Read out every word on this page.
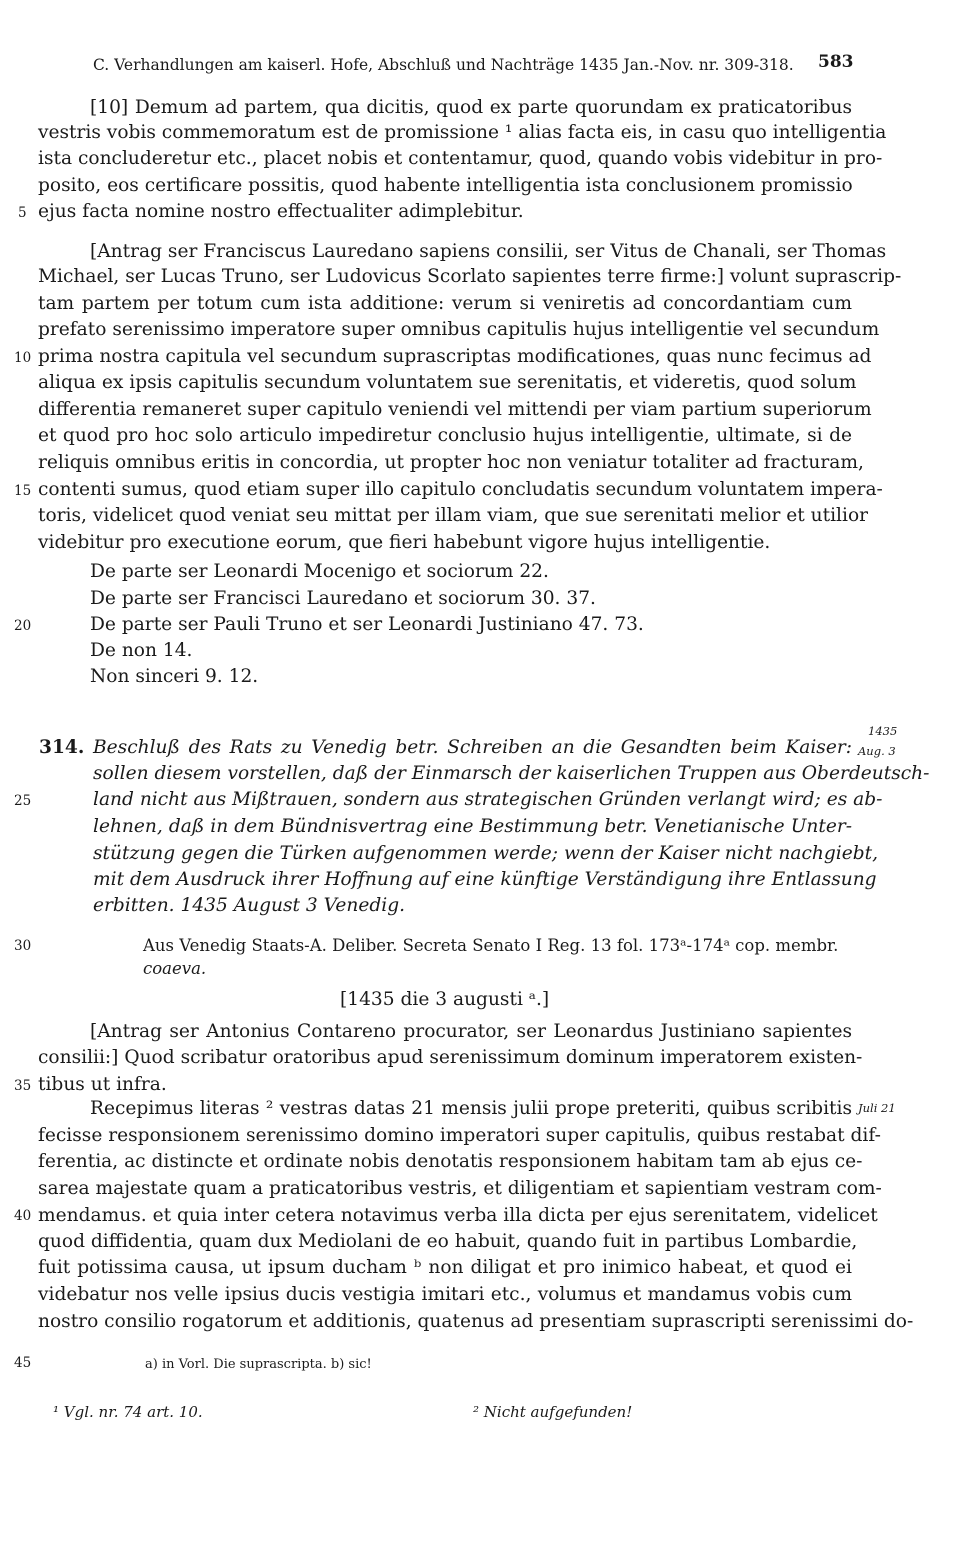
C. Verhandlungen am kaiserl. Hofe, Abschluß und Nachträge 1435 Jan.-Nov. nr. 309-318.	583
[10] Demum ad partem, qua dicitis, quod ex parte quorundam ex praticatoribus
vestris vobis commemoratum est de promissione ¹ alias facta eis, in casu quo intelligentia
ista concluderetur etc., placet nobis et contentamur, quod, quando vobis videbitur in pro-
posito, eos certificare possitis, quod habente intelligentia ista conclusionem promissio
ejus facta nomine nostro effectualiter adimplebitur.
[Antrag ser Franciscus Lauredano sapiens consilii, ser Vitus de Chanali, ser Thomas
Michael, ser Lucas Truno, ser Ludovicus Scorlato sapientes terre firme:] volunt suprascrip-
tam partem per totum cum ista additione: verum si veniretis ad concordantiam cum
prefato serenissimo imperatore super omnibus capitulis hujus intelligentie vel secundum
prima nostra capitula vel secundum suprascriptas modificationes, quas nunc fecimus ad
aliqua ex ipsis capitulis secundum voluntatem sue serenitatis, et videretis, quod solum
differentia remaneret super capitulo veniendi vel mittendi per viam partium superiorum
et quod pro hoc solo articulo impediretur conclusio hujus intelligentie, ultimate, si de
reliquis omnibus eritis in concordia, ut propter hoc non veniatur totaliter ad fracturam,
contenti sumus, quod etiam super illo capitulo concludatis secundum voluntatem impera-
toris, videlicet quod veniat seu mittat per illam viam, que sue serenitati melior et utilior
videbitur pro executione eorum, que fieri habebunt vigore hujus intelligentie.
De parte ser Leonardi Mocenigo et sociorum 22.
De parte ser Francisci Lauredano et sociorum 30. 37.
De parte ser Pauli Truno et ser Leonardi Justiniano 47. 73.
De non 14.
Non sinceri 9. 12.
314. Beschluß des Rats zu Venedig betr. Schreiben an die Gesandten beim Kaiser:
sollen diesem vorstellen, daß der Einmarsch der kaiserlichen Truppen aus Oberdeutsch-
land nicht aus Mißtrauen, sondern aus strategischen Gründen verlangt wird; es ab-
lehnen, daß in dem Bündnisvertrag eine Bestimmung betr. Venetianische Unter-
stützung gegen die Türken aufgenommen werde; wenn der Kaiser nicht nachgiebt,
mit dem Ausdruck ihrer Hoffnung auf eine künftige Verständigung ihre Entlassung
erbitten. 1435 August 3 Venedig.
1435
Aug. 3
Aus Venedig Staats-A. Deliber. Secreta Senato I Reg. 13 fol. 173ᵃ-174ᵃ cop. membr.
coaeva.
[1435 die 3 augusti ᵃ.]
[Antrag ser Antonius Contareno procurator, ser Leonardus Justiniano sapientes
consilii:] Quod scribatur oratoribus apud serenissimum dominum imperatorem existen-
tibus ut infra.
Recepimus literas ² vestras datas 21 mensis julii prope preteriti, quibus scribitis Juli 21
fecisse responsionem serenissimo domino imperatori super capitulis, quibus restabat dif-
ferentia, ac distincte et ordinate nobis denotatis responsionem habitam tam ab ejus ce-
sarea majestate quam a praticatoribus vestris, et diligentiam et sapientiam vestram com-
mendamus. et quia inter cetera notavimus verba illa dicta per ejus serenitatem, videlicet
quod diffidentia, quam dux Mediolani de eo habuit, quando fuit in partibus Lombardie,
fuit potissima causa, ut ipsum ducham ᵇ non diligat et pro inimico habeat, et quod ei
videbatur nos velle ipsius ducis vestigia imitari etc., volumus et mandamus vobis cum
nostro consilio rogatorum et additionis, quatenus ad presentiam suprascripti serenissimi do-
5
10
15
20
25
30
35
40
45	a) in Vorl. Die suprascripta. b) sic!
¹ Vgl. nr. 74 art. 10.	² Nicht aufgefunden!
